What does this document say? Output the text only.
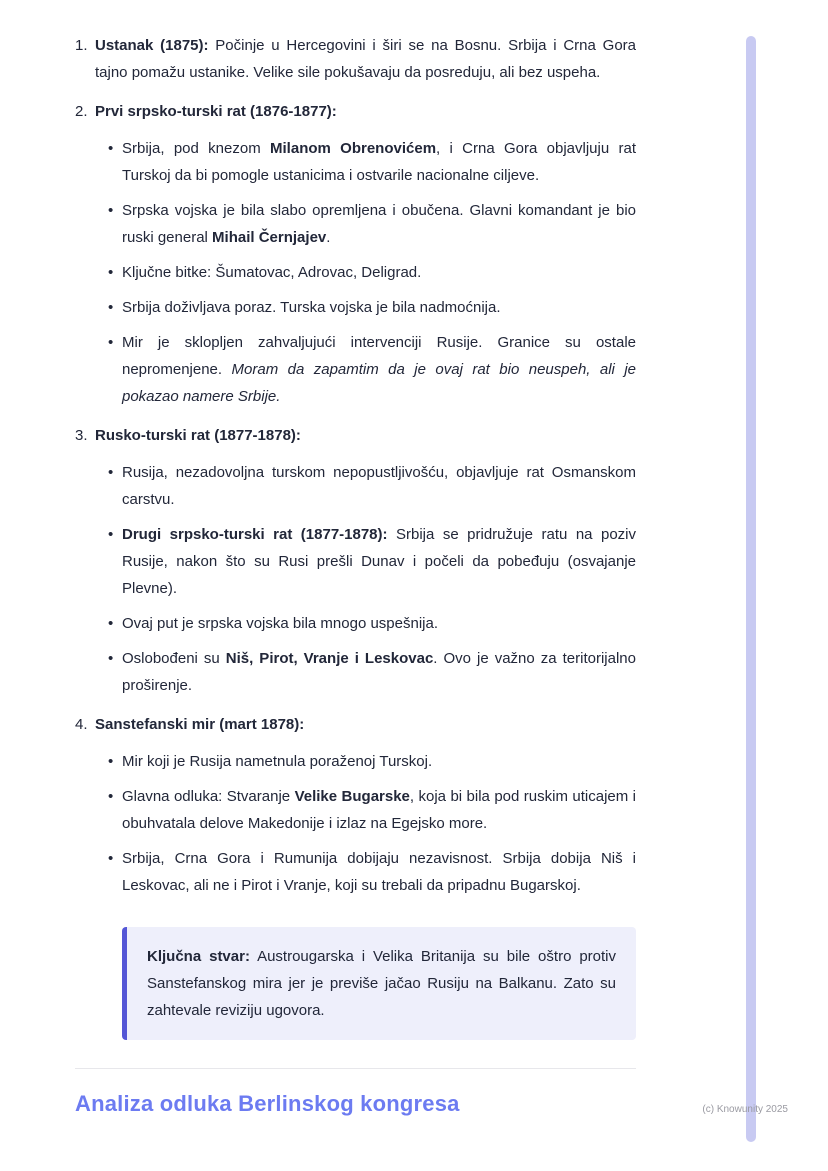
1. Ustanak (1875): Počinje u Hercegovini i širi se na Bosnu. Srbija i Crna Gora tajno pomažu ustanike. Velike sile pokušavaju da posreduju, ali bez uspeha.

2. Prvi srpsko-turski rat (1876-1877):

• Srbija, pod knezom Milanom Obrenovićem, i Crna Gora objavljuju rat Turskoj da bi pomogle ustanicima i ostvarile nacionalne ciljeve.

• Srpska vojska je bila slabo opremljena i obučena. Glavni komandant je bio ruski general Mihail Černjajev.

• Ključne bitke: Šumatovac, Adrovac, Deligrad.

• Srbija doživljava poraz. Turska vojska je bila nadmoćnija.

• Mir je sklopljen zahvaljujući intervenciji Rusije. Granice su ostale nepromenjene. Moram da zapamtim da je ovaj rat bio neuspeh, ali je pokazao namere Srbije.

3. Rusko-turski rat (1877-1878):

• Rusija, nezadovoljna turskom nepopustljivošću, objavljuje rat Osmanskom carstvu.

• Drugi srpsko-turski rat (1877-1878): Srbija se pridružuje ratu na poziv Rusije, nakon što su Rusi prešli Dunav i počeli da pobeđuju (osvajanje Plevne).

• Ovaj put je srpska vojska bila mnogo uspešnija.

• Oslobođeni su Niš, Pirot, Vranje i Leskovac. Ovo je važno za teritorijalno proširenje.

4. Sanstefanski mir (mart 1878):

• Mir koji je Rusija nametnula poraženoj Turskoj.

• Glavna odluka: Stvaranje Velike Bugarske, koja bi bila pod ruskim uticajem i obuhvatala delove Makedonije i izlaz na Egejsko more.

• Srbija, Crna Gora i Rumunija dobijaju nezavisnost. Srbija dobija Niš i Leskovac, ali ne i Pirot i Vranje, koji su trebali da pripadnu Bugarskoj.

Ključna stvar: Austrougarska i Velika Britanija su bile oštro protiv Sanstefanskog mira jer je previše jačao Rusiju na Balkanu. Zato su zahtevale reviziju ugovora.

Analiza odluka Berlinskog kongresa	(c) Knowunity 2025
